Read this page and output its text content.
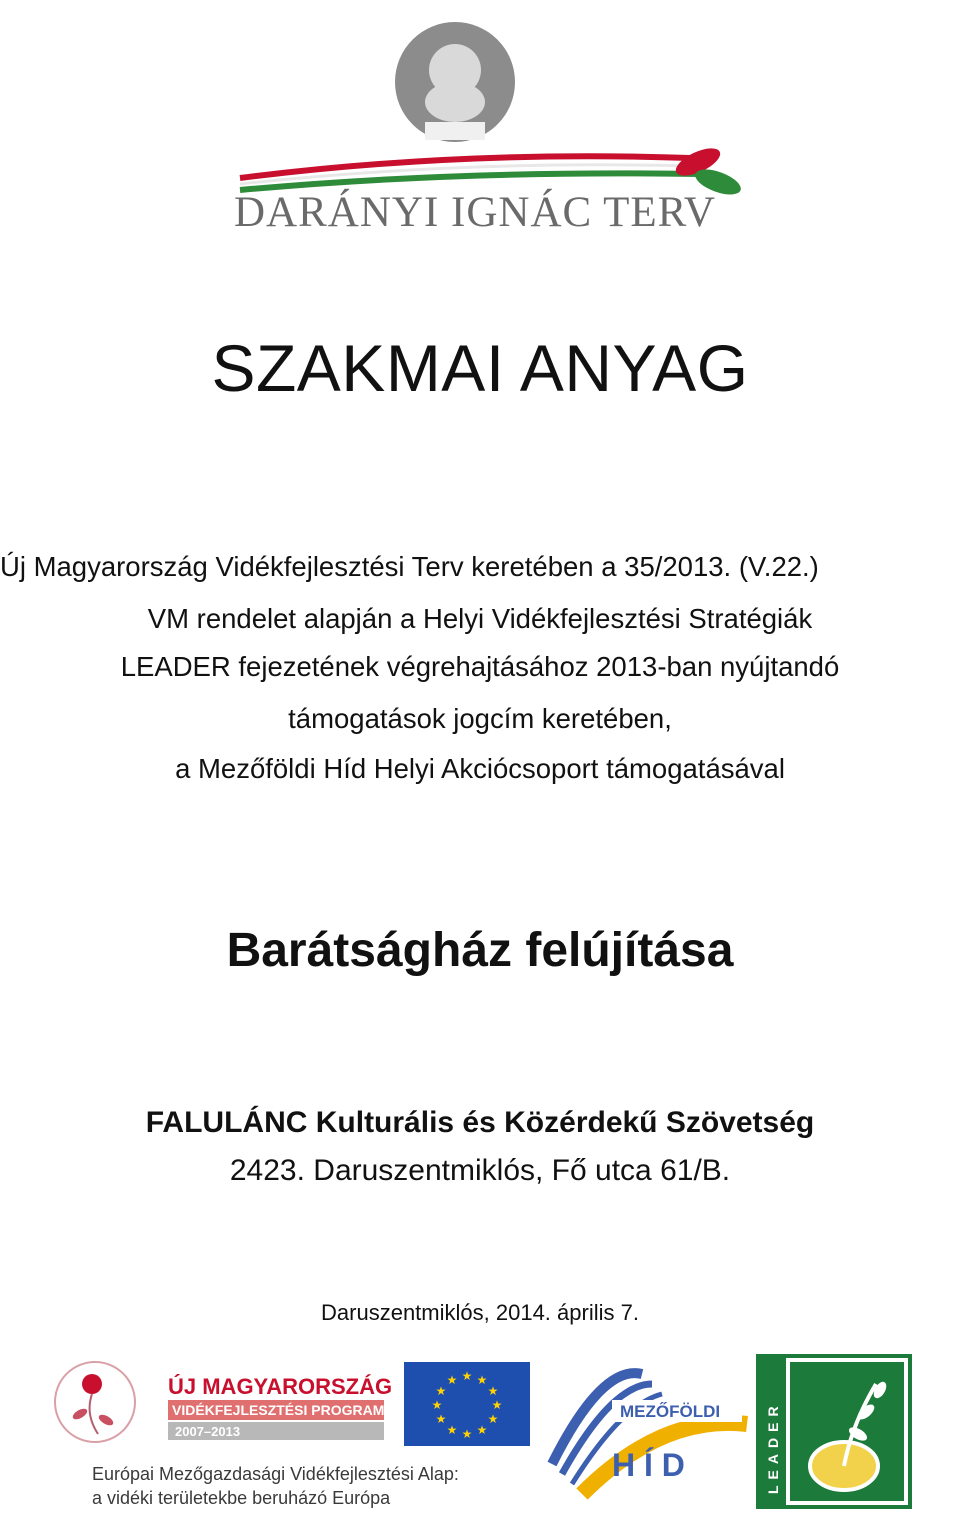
DARÁNYI IGNÁC TERV
SZAKMAI ANYAG
Új Magyarország Vidékfejlesztési Terv keretében a 35/2013. (V.22.)
VM rendelet alapján a Helyi Vidékfejlesztési Stratégiák
LEADER fejezetének végrehajtásához 2013-ban nyújtandó
támogatások jogcím keretében,
a Mezőföldi Híd Helyi Akciócsoport támogatásával
Barátságház felújítása
FALULÁNC Kulturális és Közérdekű Szövetség
2423. Daruszentmiklós, Fő utca 61/B.
Daruszentmiklós, 2014. április 7.
ÚJ MAGYARORSZÁG
VIDÉKFEJLESZTÉSI PROGRAM
2007–2013
★ ★
★
★
★
★
★
★
★
★
★
★
MEZŐFÖLDI
H Í D	LEADER
Európai Mezőgazdasági Vidékfejlesztési Alap:
a vidéki területekbe beruházó Európa
